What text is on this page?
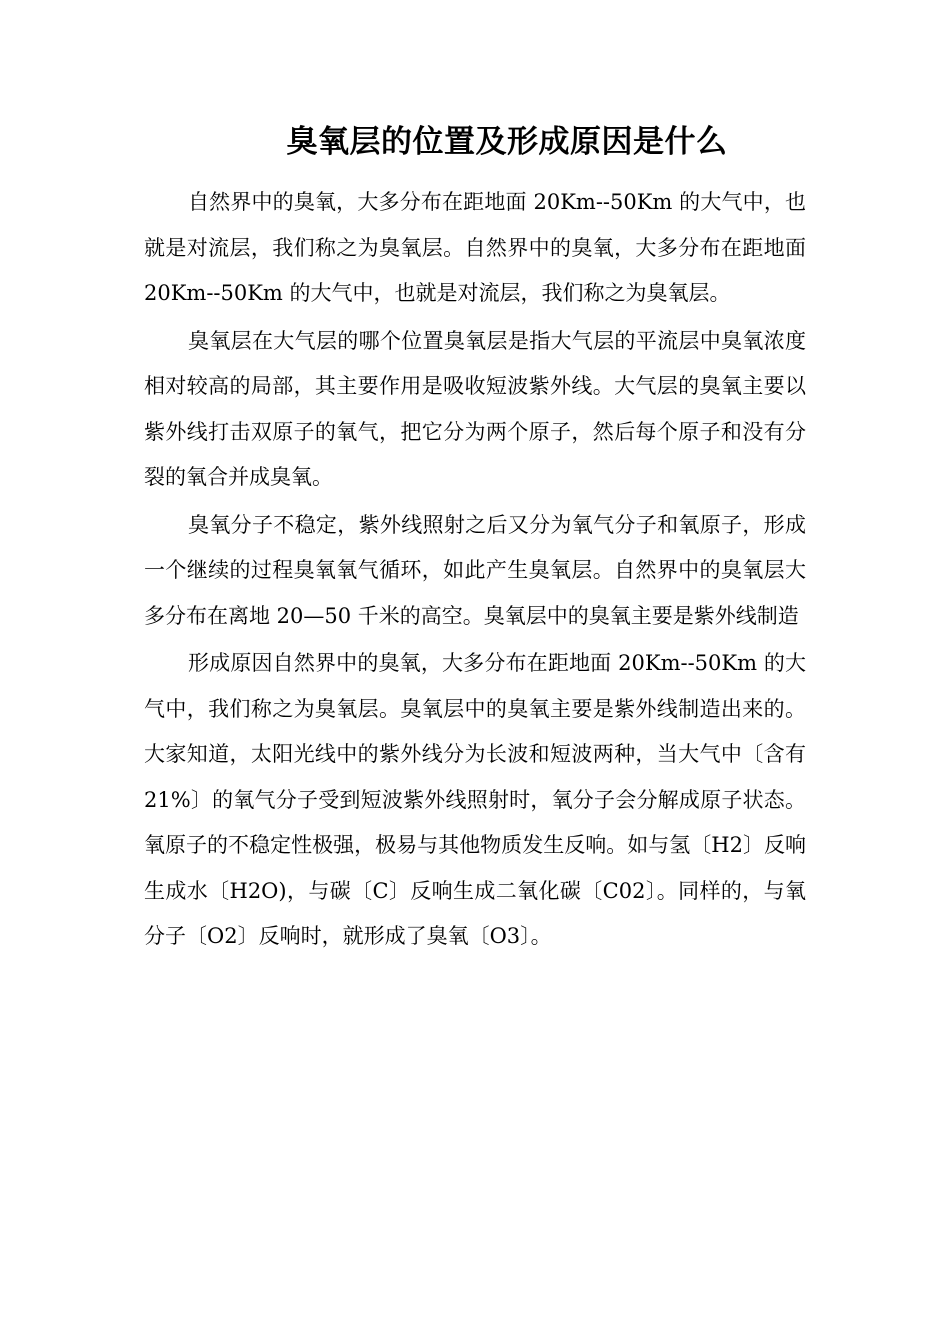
臭氧层的位置及形成原因是什么

自然界中的臭氧，大多分布在距地面 20Km--50Km 的大气中，也就是对流层，我们称之为臭氧层。自然界中的臭氧，大多分布在距地面 20Km--50Km 的大气中，也就是对流层，我们称之为臭氧层。

臭氧层在大气层的哪个位置臭氧层是指大气层的平流层中臭氧浓度相对较高的局部，其主要作用是吸收短波紫外线。大气层的臭氧主要以紫外线打击双原子的氧气，把它分为两个原子，然后每个原子和没有分裂的氧合并成臭氧。

臭氧分子不稳定，紫外线照射之后又分为氧气分子和氧原子，形成一个继续的过程臭氧氧气循环，如此产生臭氧层。自然界中的臭氧层大多分布在离地 20—50 千米的高空。臭氧层中的臭氧主要是紫外线制造

形成原因自然界中的臭氧，大多分布在距地面 20Km--50Km 的大气中，我们称之为臭氧层。臭氧层中的臭氧主要是紫外线制造出来的。大家知道，太阳光线中的紫外线分为长波和短波两种，当大气中〔含有 21%〕的氧气分子受到短波紫外线照射时，氧分子会分解成原子状态。氧原子的不稳定性极强，极易与其他物质发生反响。如与氢〔H2〕反响生成水〔H2O)，与碳〔C〕反响生成二氧化碳〔C02〕。同样的，与氧分子〔O2〕反响时，就形成了臭氧〔O3〕。
